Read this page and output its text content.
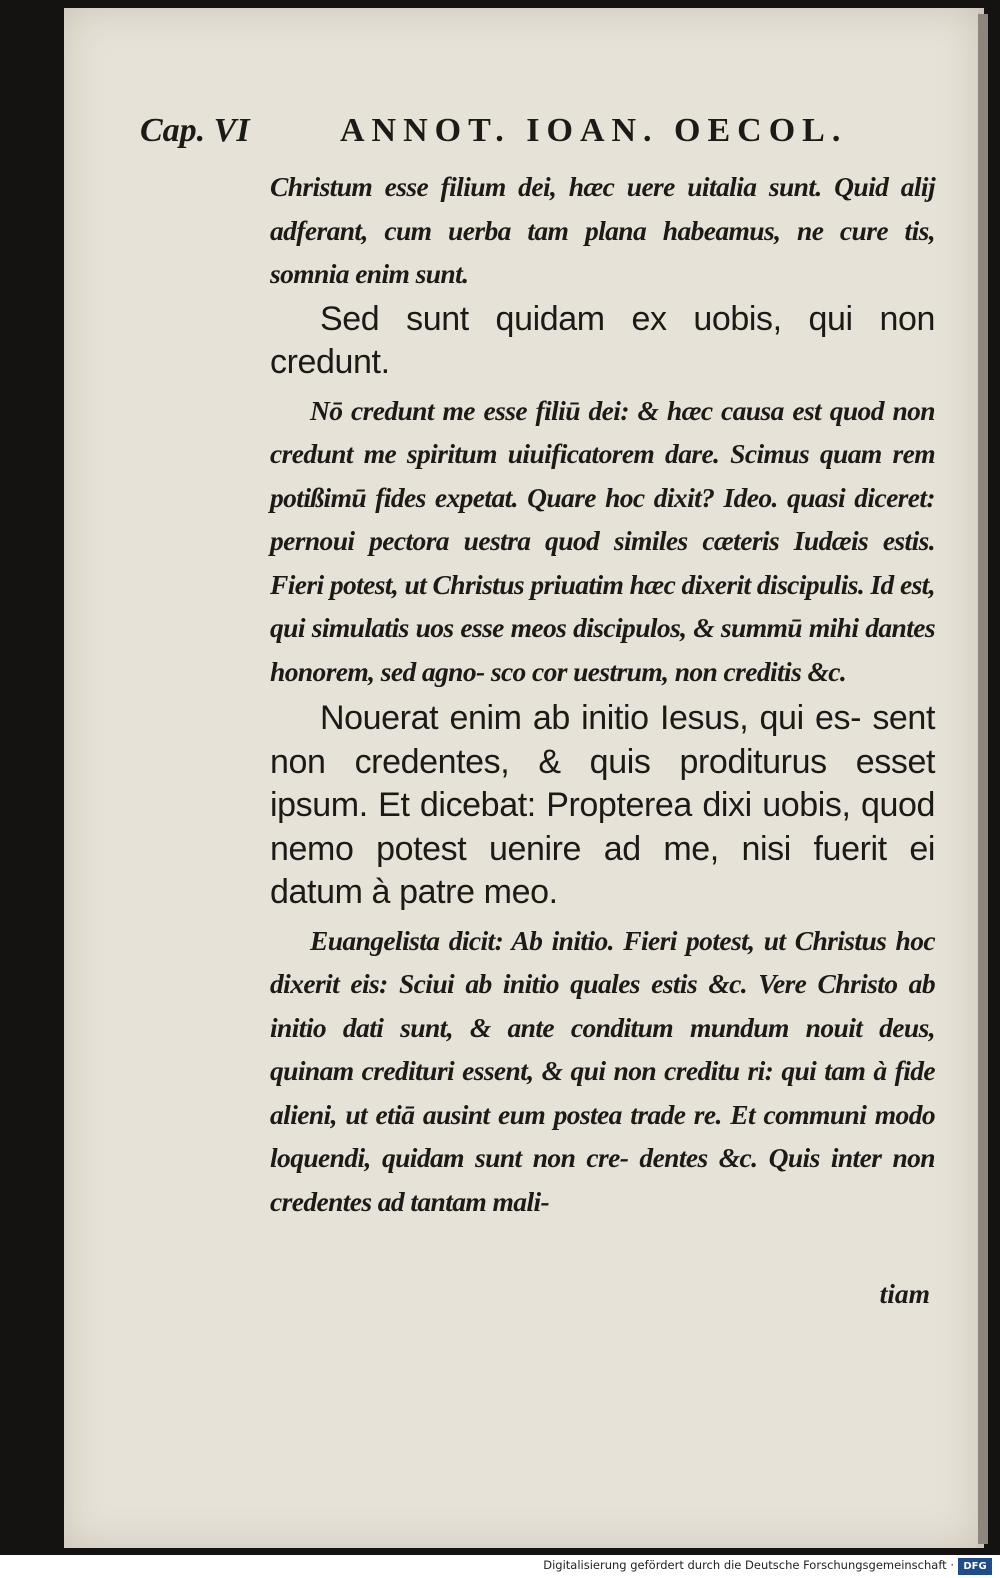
Cap. VI	ANNOT. IOAN. OECOL.

Christum esse filium dei, hæc uere uitalia sunt. Quid alij adferant, cum uerba tam plana habeamus, ne cure tis, somnia enim sunt.

Sed sunt quidam ex uobis, qui non credunt.

Nō credunt me esse filiū dei: & hæc causa est quod non credunt me spiritum uiuificatorem dare. Scimus quam rem potißimū fides expetat. Quare hoc dixit? Ideo. quasi diceret: pernoui pectora uestra quod similes cæteris Iudæis estis. Fieri potest, ut Christus priuatim hæc dixerit discipulis. Id est, qui simulatis uos esse meos discipulos, & summū mihi dantes honorem, sed agno- sco cor uestrum, non creditis &c.

Nouerat enim ab initio Iesus, qui es- sent non credentes, & quis proditurus esset ipsum. Et dicebat: Propterea dixi uobis, quod nemo potest uenire ad me, nisi fuerit ei datum à patre meo.

Euangelista dicit: Ab initio. Fieri potest, ut Christus hoc dixerit eis: Sciui ab initio quales estis &c. Vere Christo ab initio dati sunt, & ante conditum mundum nouit deus, quinam credituri essent, & qui non creditu ri: qui tam à fide alieni, ut etiā ausint eum postea trade re. Et communi modo loquendi, quidam sunt non cre- dentes &c. Quis inter non credentes ad tantam mali-

tiam
Digitalisierung gefördert durch die Deutsche Forschungsgemeinschaft · DFG
